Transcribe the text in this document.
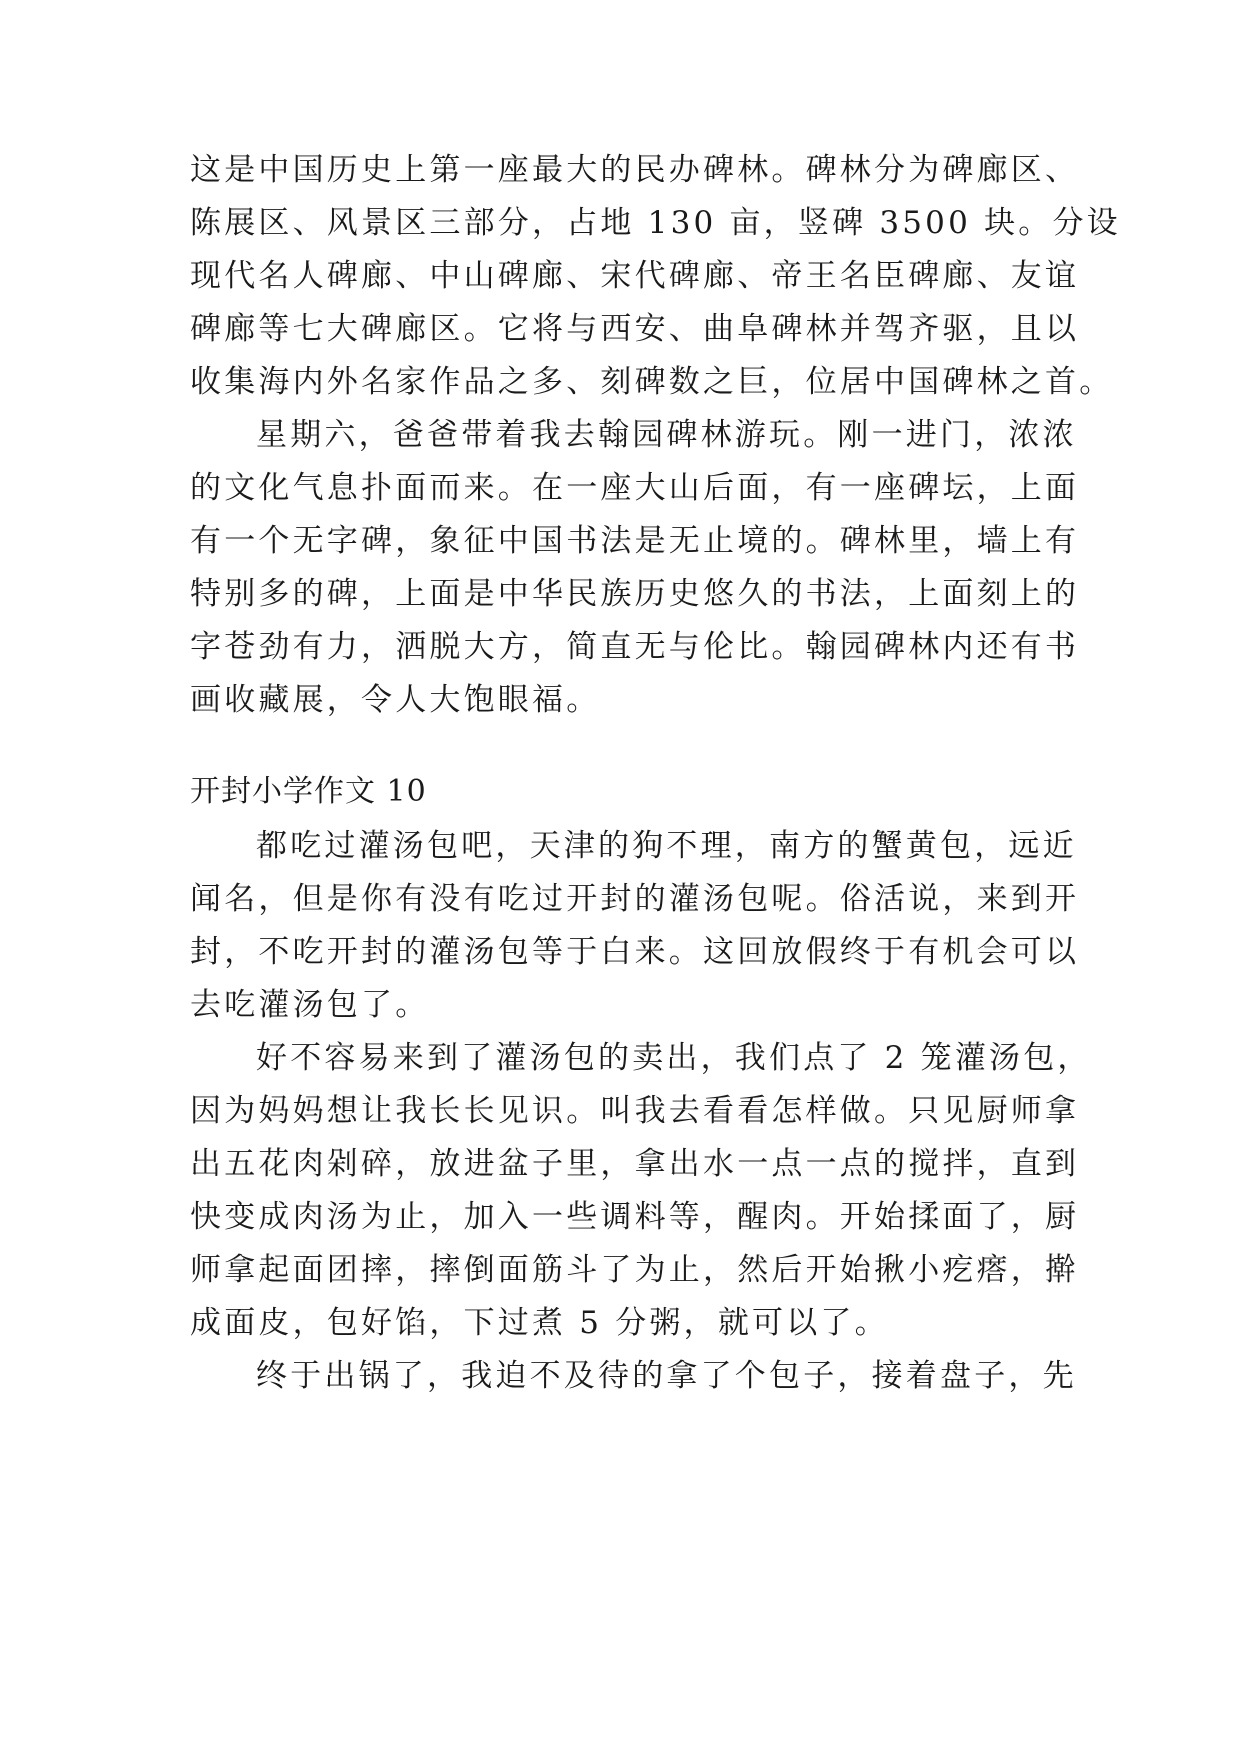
这是中国历史上第一座最大的民办碑林。碑林分为碑廊区、
陈展区、风景区三部分，占地 130 亩，竖碑 3500 块。分设
现代名人碑廊、中山碑廊、宋代碑廊、帝王名臣碑廊、友谊
碑廊等七大碑廊区。它将与西安、曲阜碑林并驾齐驱，且以
收集海内外名家作品之多、刻碑数之巨，位居中国碑林之首。
星期六，爸爸带着我去翰园碑林游玩。刚一进门，浓浓
的文化气息扑面而来。在一座大山后面，有一座碑坛，上面
有一个无字碑，象征中国书法是无止境的。碑林里，墙上有
特别多的碑，上面是中华民族历史悠久的书法，上面刻上的
字苍劲有力，洒脱大方，简直无与伦比。翰园碑林内还有书
画收藏展，令人大饱眼福。
开封小学作文 10
都吃过灌汤包吧，天津的狗不理，南方的蟹黄包，远近
闻名，但是你有没有吃过开封的灌汤包呢。俗活说，来到开
封，不吃开封的灌汤包等于白来。这回放假终于有机会可以
去吃灌汤包了。
好不容易来到了灌汤包的卖出，我们点了 2 笼灌汤包，
因为妈妈想让我长长见识。叫我去看看怎样做。只见厨师拿
出五花肉剁碎，放进盆子里，拿出水一点一点的搅拌，直到
快变成肉汤为止，加入一些调料等，醒肉。开始揉面了，厨
师拿起面团摔，摔倒面筋斗了为止，然后开始揪小疙瘩，擀
成面皮，包好馅，下过煮 5 分粥，就可以了。
终于出锅了，我迫不及待的拿了个包子，接着盘子，先
